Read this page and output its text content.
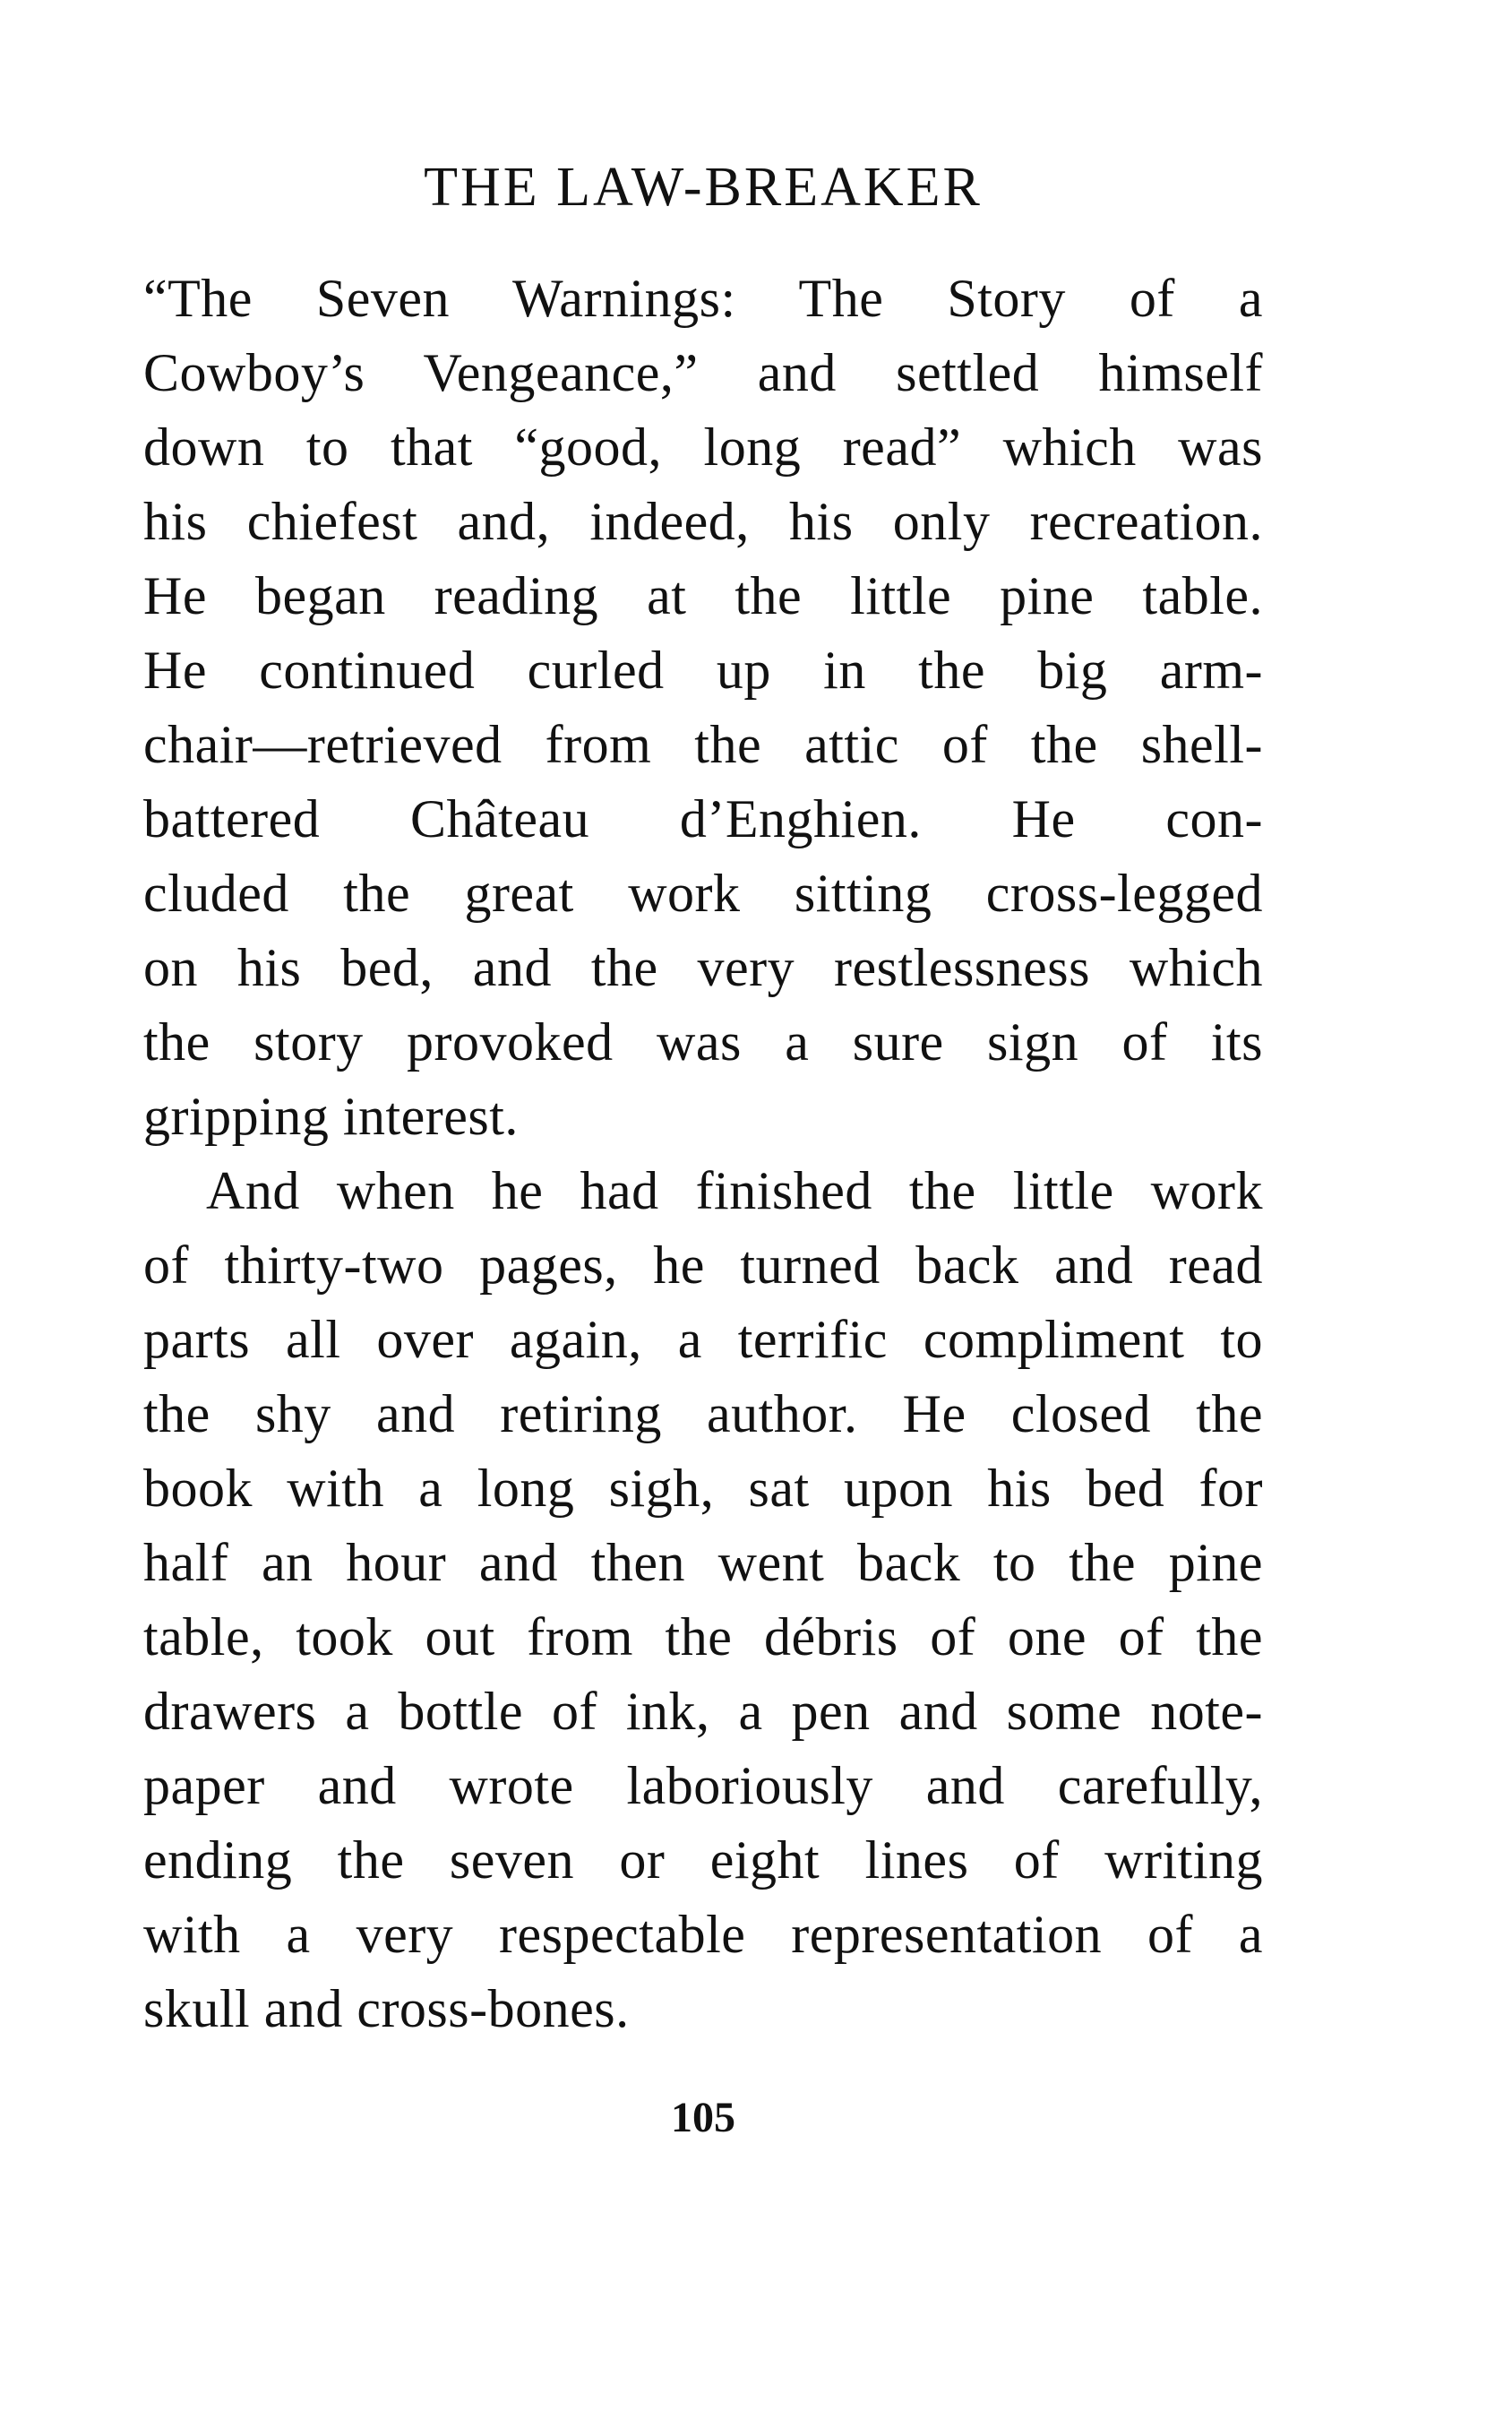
THE LAW-BREAKER
“The Seven Warnings: The Story of a
Cowboy’s Vengeance,” and settled himself
down to that “good, long read” which was
his chiefest and, indeed, his only recreation.
He began reading at the little pine table.
He continued curled up in the big arm-
chair—retrieved from the attic of the shell-
battered Château d’Enghien. He con-
cluded the great work sitting cross-legged
on his bed, and the very restlessness which
the story provoked was a sure sign of its
gripping interest.
And when he had finished the little work
of thirty-two pages, he turned back and read
parts all over again, a terrific compliment to
the shy and retiring author. He closed the
book with a long sigh, sat upon his bed for
half an hour and then went back to the pine
table, took out from the débris of one of the
drawers a bottle of ink, a pen and some note-
paper and wrote laboriously and carefully,
ending the seven or eight lines of writing
with a very respectable representation of a
skull and cross-bones.
105
